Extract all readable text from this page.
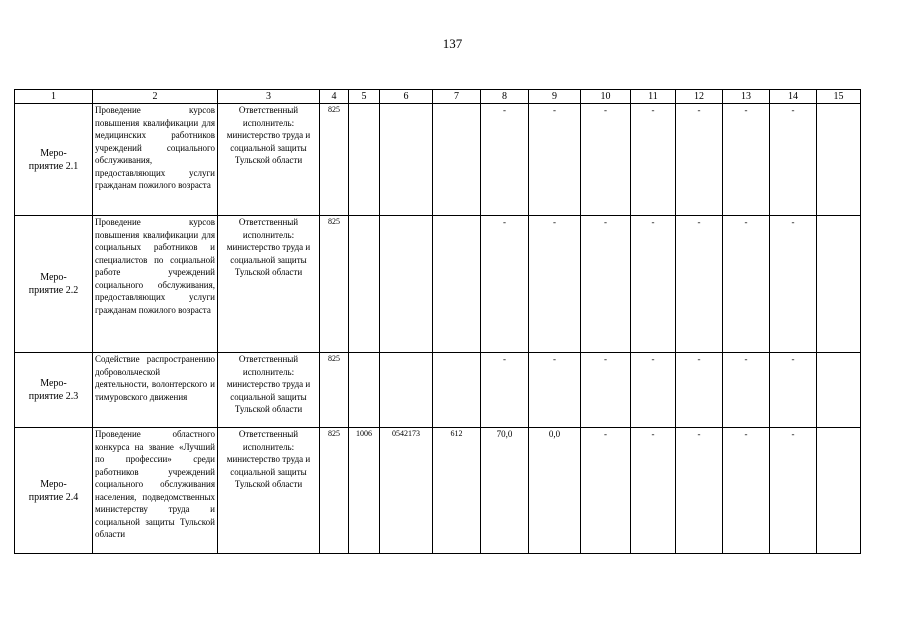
137
1	2	3	4	5	6	7	8	9	10	11	12	13	14	15
Меро-
приятие 2.1	Проведение курсов повышения квалификации для медицинских работников учреждений социального обслуживания, предоставляющих услуги гражданам пожилого возраста	Ответственный исполнитель: министерство труда и социальной защиты Тульской области	825				-	-	-	-	-	-	-	
Меро-
приятие 2.2	Проведение курсов повышения квалификации для социальных работников и специалистов по социальной работе учреждений социального обслуживания, предоставляющих услуги гражданам пожилого возраста	Ответственный исполнитель: министерство труда и социальной защиты Тульской области	825				-	-	-	-	-	-	-	
Меро-
приятие 2.3	Содействие распространению добровольческой деятельности, волонтерского и тимуровского движения	Ответственный исполнитель: министерство труда и социальной защиты Тульской области	825				-	-	-	-	-	-	-	
Меро-
приятие 2.4	Проведение областного конкурса на звание «Лучший по профессии» среди работников учреждений социального обслуживания населения, подведомственных министерству труда и социальной защиты Тульской области	Ответственный исполнитель: министерство труда и социальной защиты Тульской области	825	1006	0542173	612	70,0	0,0	-	-	-	-	-	
